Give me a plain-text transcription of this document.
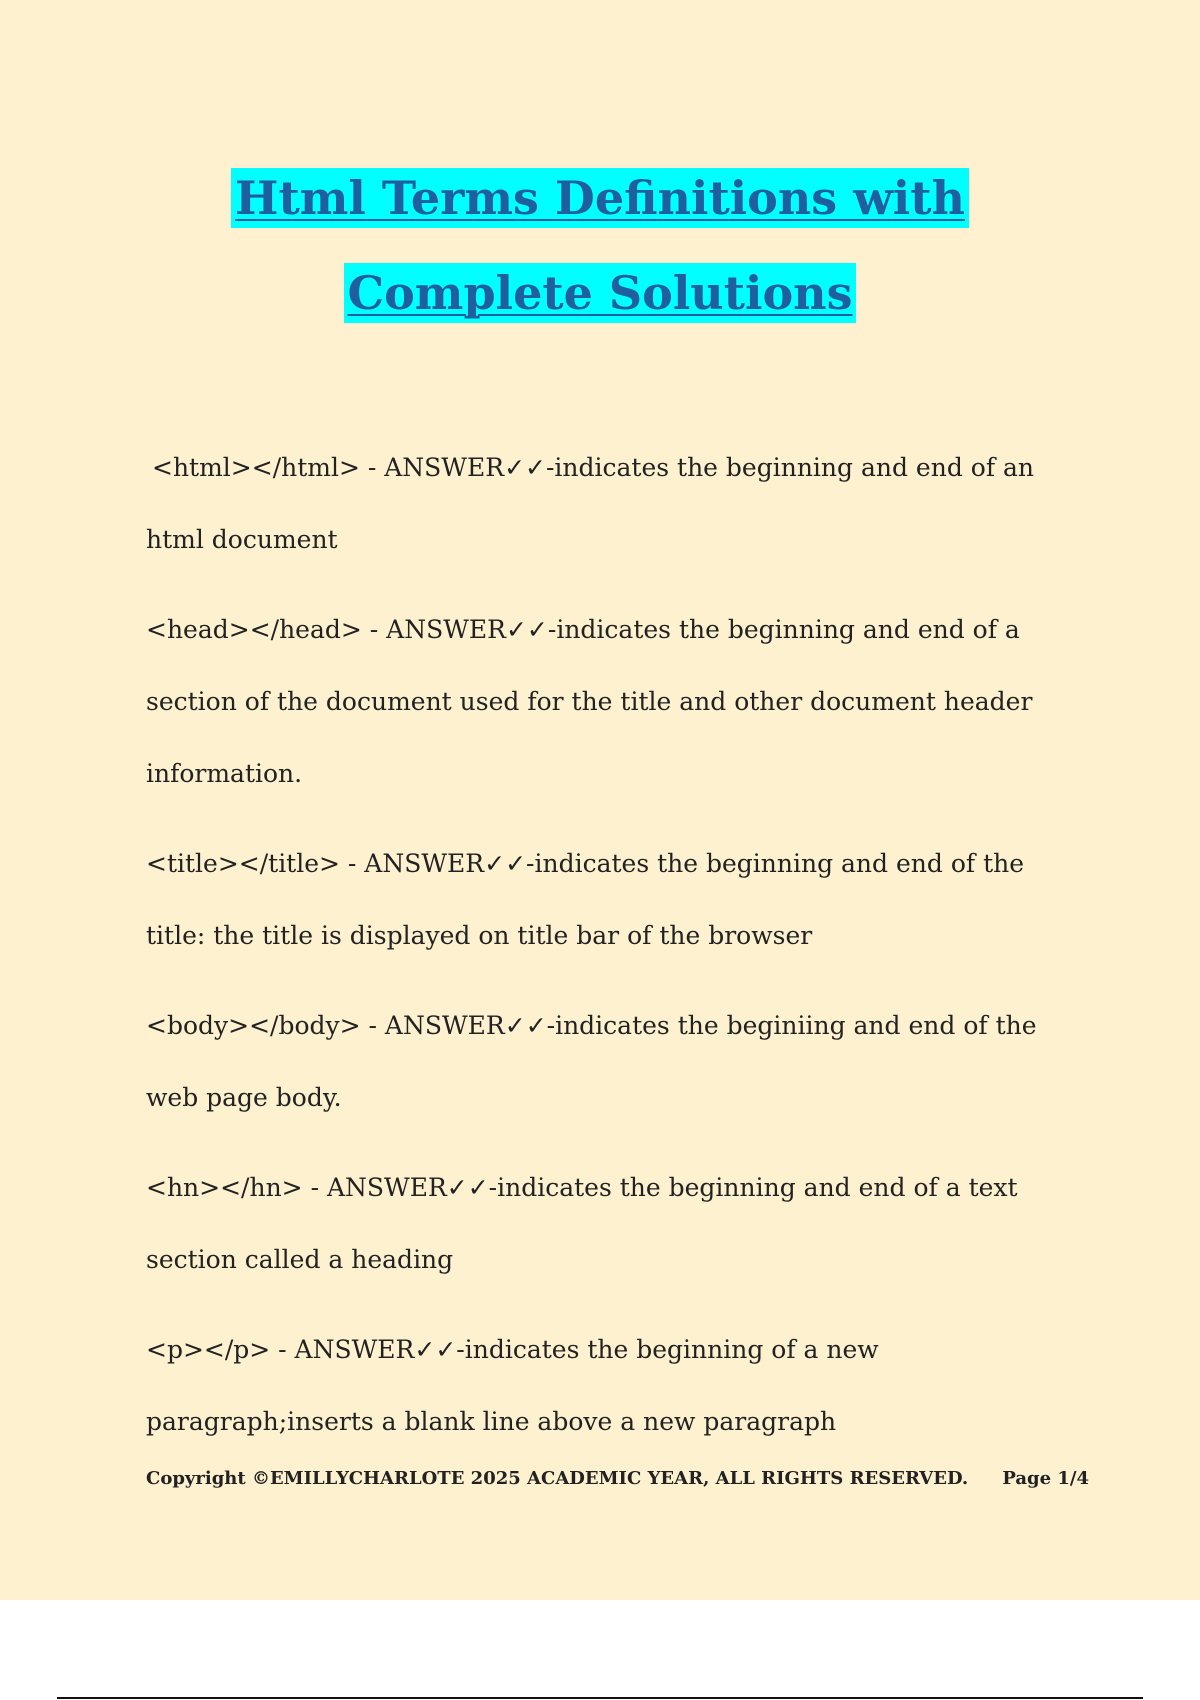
Html Terms Definitions with
Complete Solutions

<html></html> - ANSWER✓✓-indicates the beginning and end of an html document

<head></head> - ANSWER✓✓-indicates the beginning and end of a section of the document used for the title and other document header information.

<title></title> - ANSWER✓✓-indicates the beginning and end of the title: the title is displayed on title bar of the browser

<body></body> - ANSWER✓✓-indicates the beginiing and end of the web page body.

<hn></hn> - ANSWER✓✓-indicates the beginning and end of a text section called a heading

<p></p> - ANSWER✓✓-indicates the beginning of a new paragraph;inserts a blank line above a new paragraph

Copyright ©EMILLYCHARLOTE 2025 ACADEMIC YEAR, ALL RIGHTS RESERVED. Page 1/4
